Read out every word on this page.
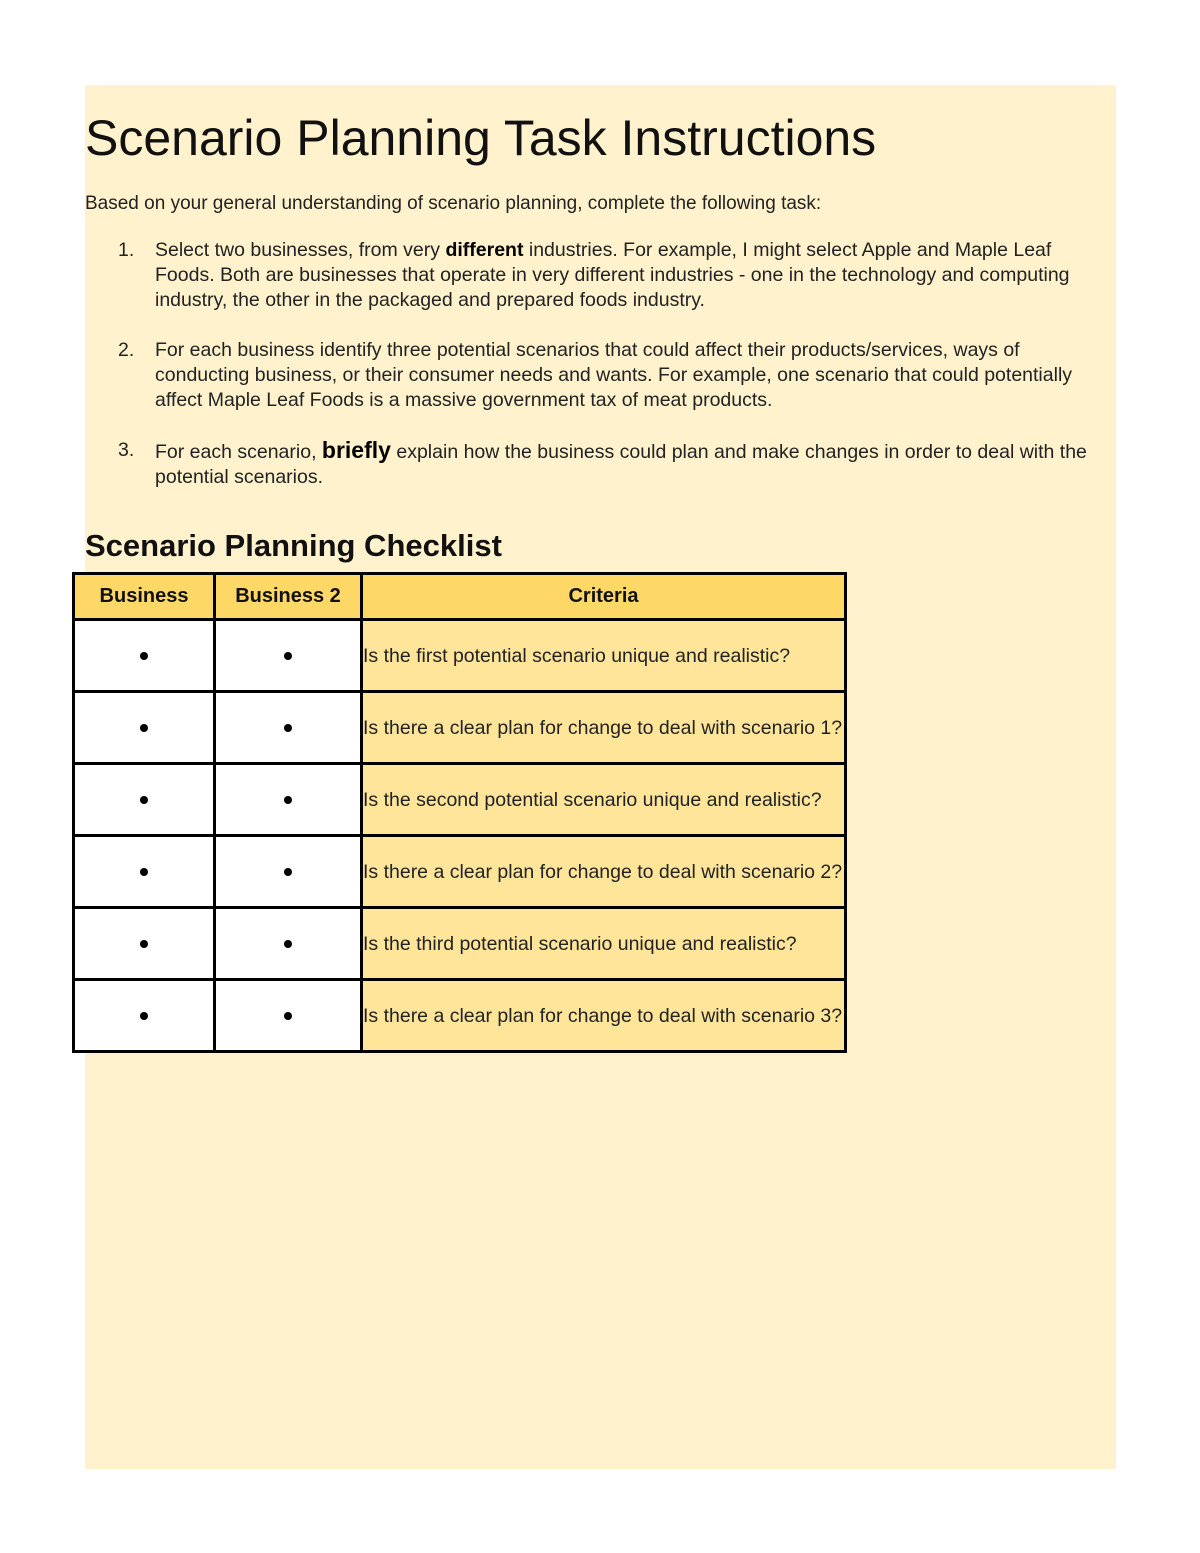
Scenario Planning Task Instructions

Based on your general understanding of scenario planning, complete the following task:

1. Select two businesses, from very different industries. For example, I might select Apple and Maple Leaf Foods. Both are businesses that operate in very different industries - one in the technology and computing industry, the other in the packaged and prepared foods industry.
2. For each business identify three potential scenarios that could affect their products/services, ways of conducting business, or their consumer needs and wants. For example, one scenario that could potentially affect Maple Leaf Foods is a massive government tax of meat products.
3. For each scenario, briefly explain how the business could plan and make changes in order to deal with the potential scenarios.
Scenario Planning Checklist
Business	Business 2	Criteria
		Is the first potential scenario unique and realistic?
		Is there a clear plan for change to deal with scenario 1?
		Is the second potential scenario unique and realistic?
		Is there a clear plan for change to deal with scenario 2?
		Is the third potential scenario unique and realistic?
		Is there a clear plan for change to deal with scenario 3?
